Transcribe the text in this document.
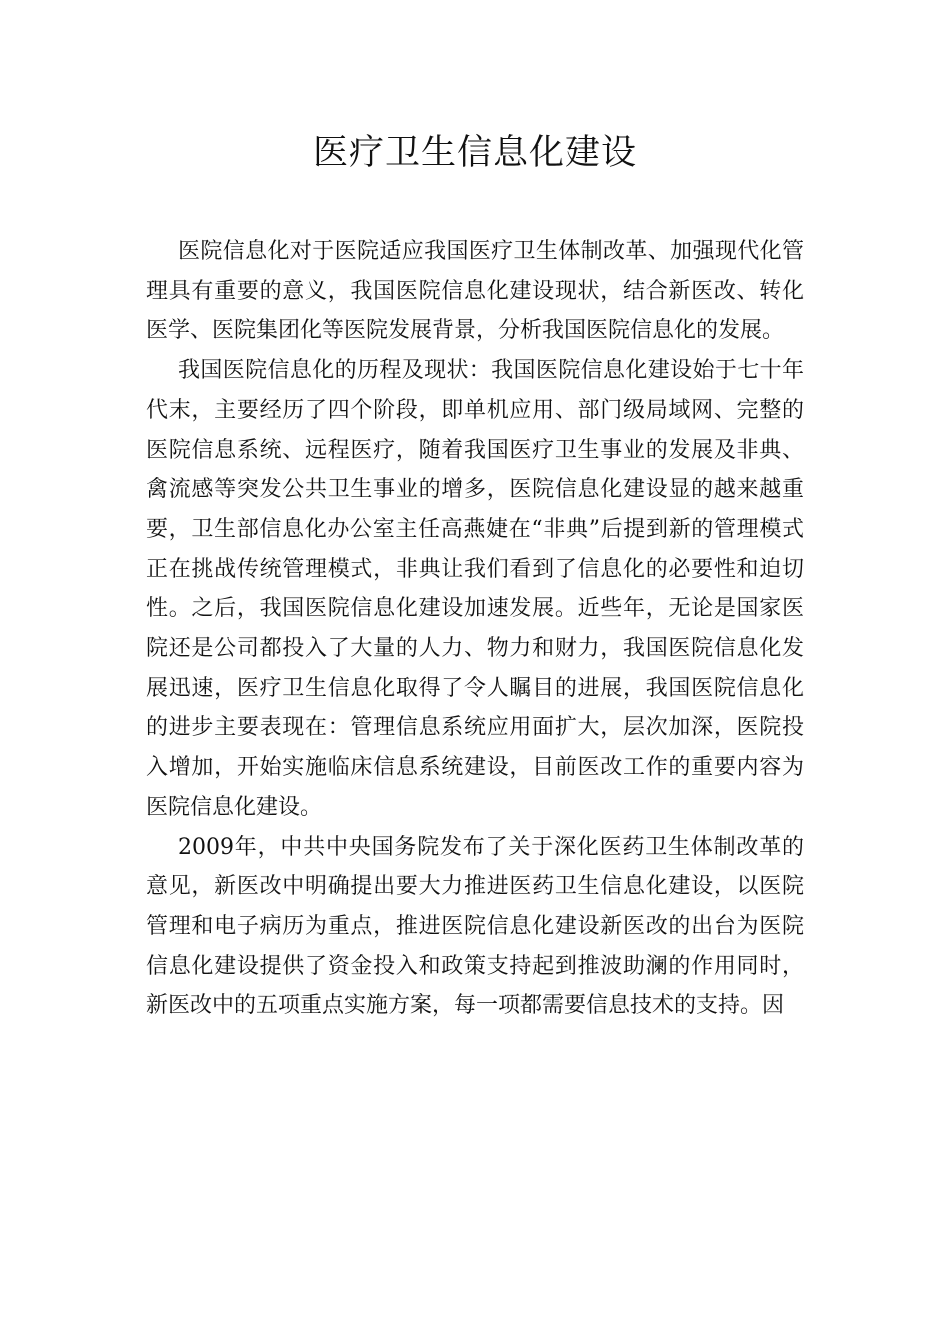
医疗卫生信息化建设

医院信息化对于医院适应我国医疗卫生体制改革、加强现代化管理具有重要的意义，我国医院信息化建设现状，结合新医改、转化医学、医院集团化等医院发展背景，分析我国医院信息化的发展。

我国医院信息化的历程及现状：我国医院信息化建设始于七十年代末，主要经历了四个阶段，即单机应用、部门级局域网、完整的医院信息系统、远程医疗，随着我国医疗卫生事业的发展及非典、禽流感等突发公共卫生事业的增多，医院信息化建设显的越来越重要，卫生部信息化办公室主任高燕婕在“非典”后提到新的管理模式正在挑战传统管理模式，非典让我们看到了信息化的必要性和迫切性。之后，我国医院信息化建设加速发展。近些年，无论是国家医院还是公司都投入了大量的人力、物力和财力，我国医院信息化发展迅速，医疗卫生信息化取得了令人瞩目的进展，我国医院信息化的进步主要表现在：管理信息系统应用面扩大，层次加深，医院投入增加，开始实施临床信息系统建设，目前医改工作的重要内容为医院信息化建设。

2009年，中共中央国务院发布了关于深化医药卫生体制改革的意见，新医改中明确提出要大力推进医药卫生信息化建设，以医院管理和电子病历为重点，推进医院信息化建设新医改的出台为医院信息化建设提供了资金投入和政策支持起到推波助澜的作用同时，新医改中的五项重点实施方案，每一项都需要信息技术的支持。因
